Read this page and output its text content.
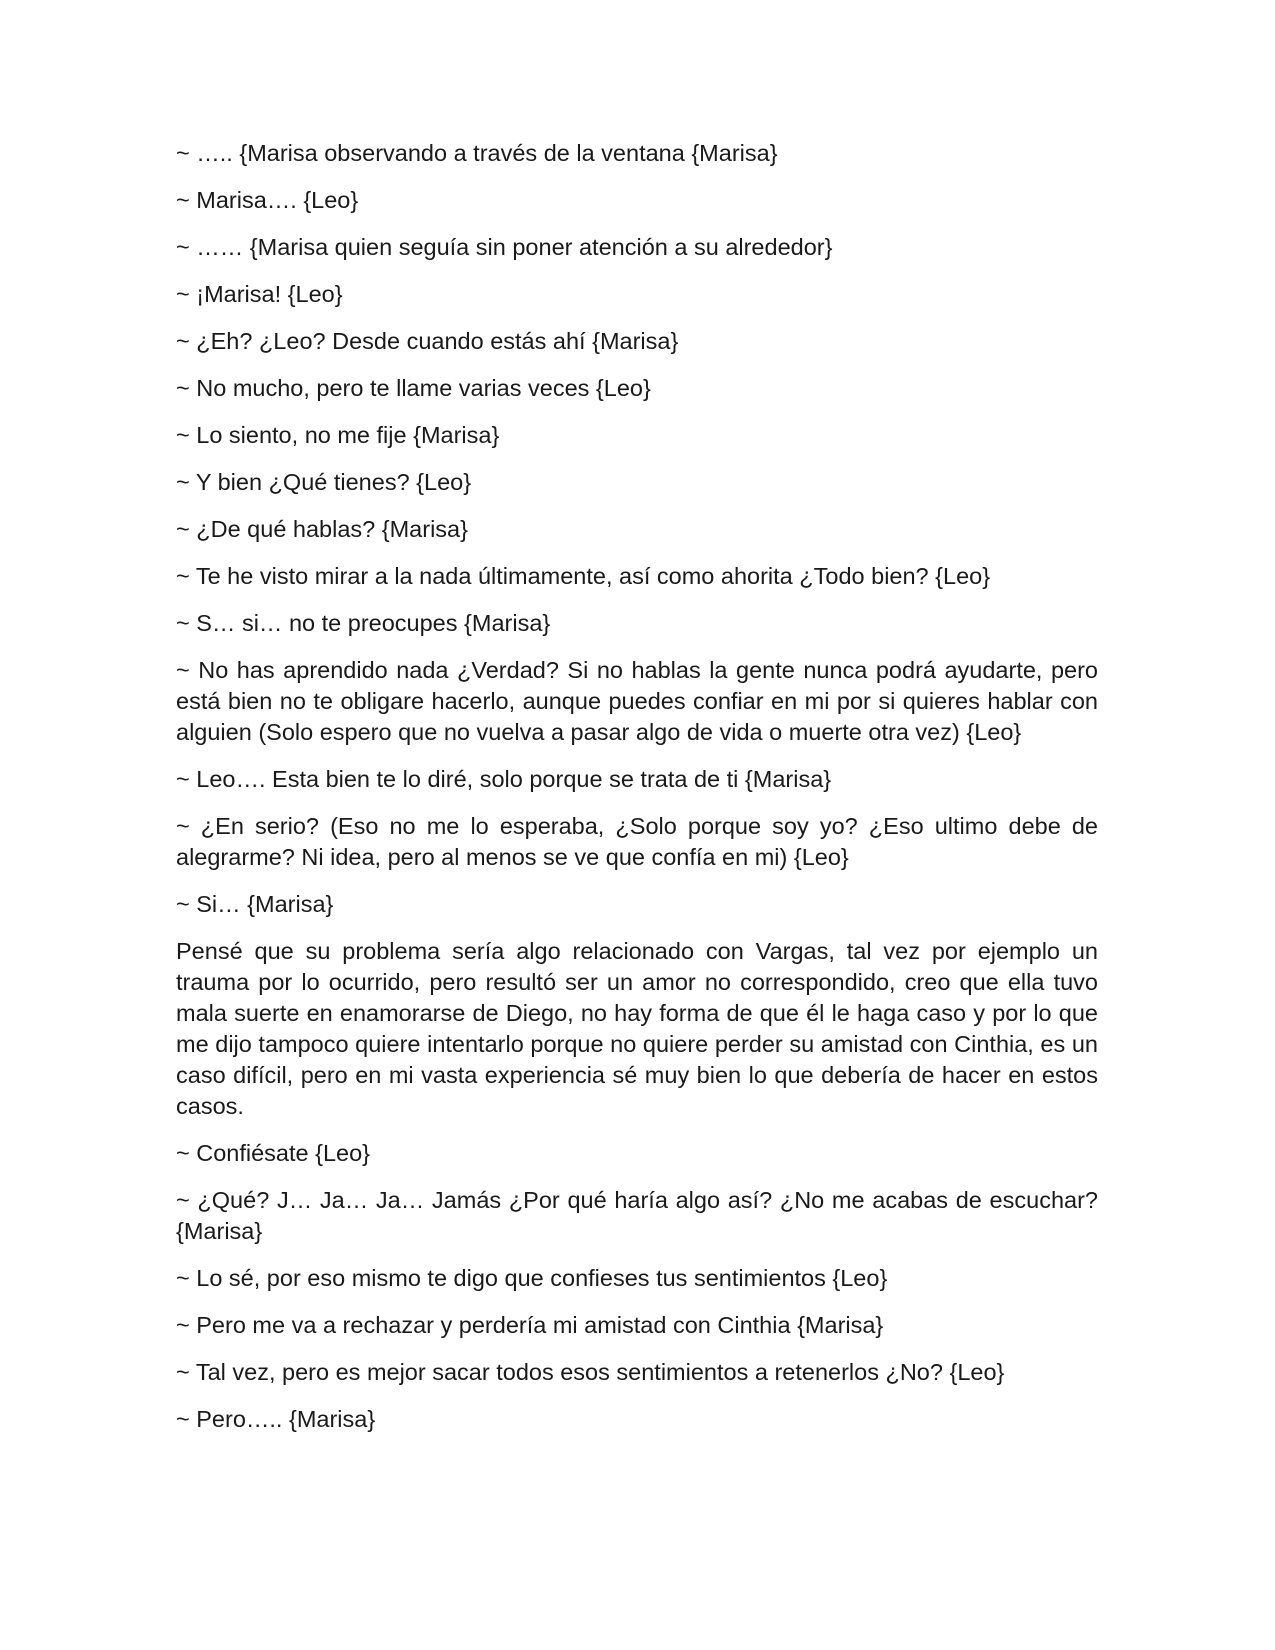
~ ….. {Marisa observando a través de la ventana {Marisa}

~ Marisa…. {Leo}

~ …… {Marisa quien seguía sin poner atención a su alrededor}

~ ¡Marisa! {Leo}

~ ¿Eh? ¿Leo? Desde cuando estás ahí {Marisa}

~ No mucho, pero te llame varias veces {Leo}

~ Lo siento, no me fije {Marisa}

~ Y bien ¿Qué tienes? {Leo}

~ ¿De qué hablas? {Marisa}

~ Te he visto mirar a la nada últimamente, así como ahorita ¿Todo bien? {Leo}

~ S… si… no te preocupes {Marisa}

~ No has aprendido nada ¿Verdad? Si no hablas la gente nunca podrá ayudarte, pero está bien no te obligare hacerlo, aunque puedes confiar en mi por si quieres hablar con alguien (Solo espero que no vuelva a pasar algo de vida o muerte otra vez) {Leo}

~ Leo…. Esta bien te lo diré, solo porque se trata de ti {Marisa}

~ ¿En serio? (Eso no me lo esperaba, ¿Solo porque soy yo? ¿Eso ultimo debe de alegrarme? Ni idea, pero al menos se ve que confía en mi) {Leo}

~ Si… {Marisa}

Pensé que su problema sería algo relacionado con Vargas, tal vez por ejemplo un trauma por lo ocurrido, pero resultó ser un amor no correspondido, creo que ella tuvo mala suerte en enamorarse de Diego, no hay forma de que él le haga caso y por lo que me dijo tampoco quiere intentarlo porque no quiere perder su amistad con Cinthia, es un caso difícil, pero en mi vasta experiencia sé muy bien lo que debería de hacer en estos casos.

~ Confiésate {Leo}

~ ¿Qué? J… Ja… Ja… Jamás ¿Por qué haría algo así? ¿No me acabas de escuchar? {Marisa}

~ Lo sé, por eso mismo te digo que confieses tus sentimientos {Leo}

~ Pero me va a rechazar y perdería mi amistad con Cinthia {Marisa}

~ Tal vez, pero es mejor sacar todos esos sentimientos a retenerlos ¿No? {Leo}

~ Pero….. {Marisa}
